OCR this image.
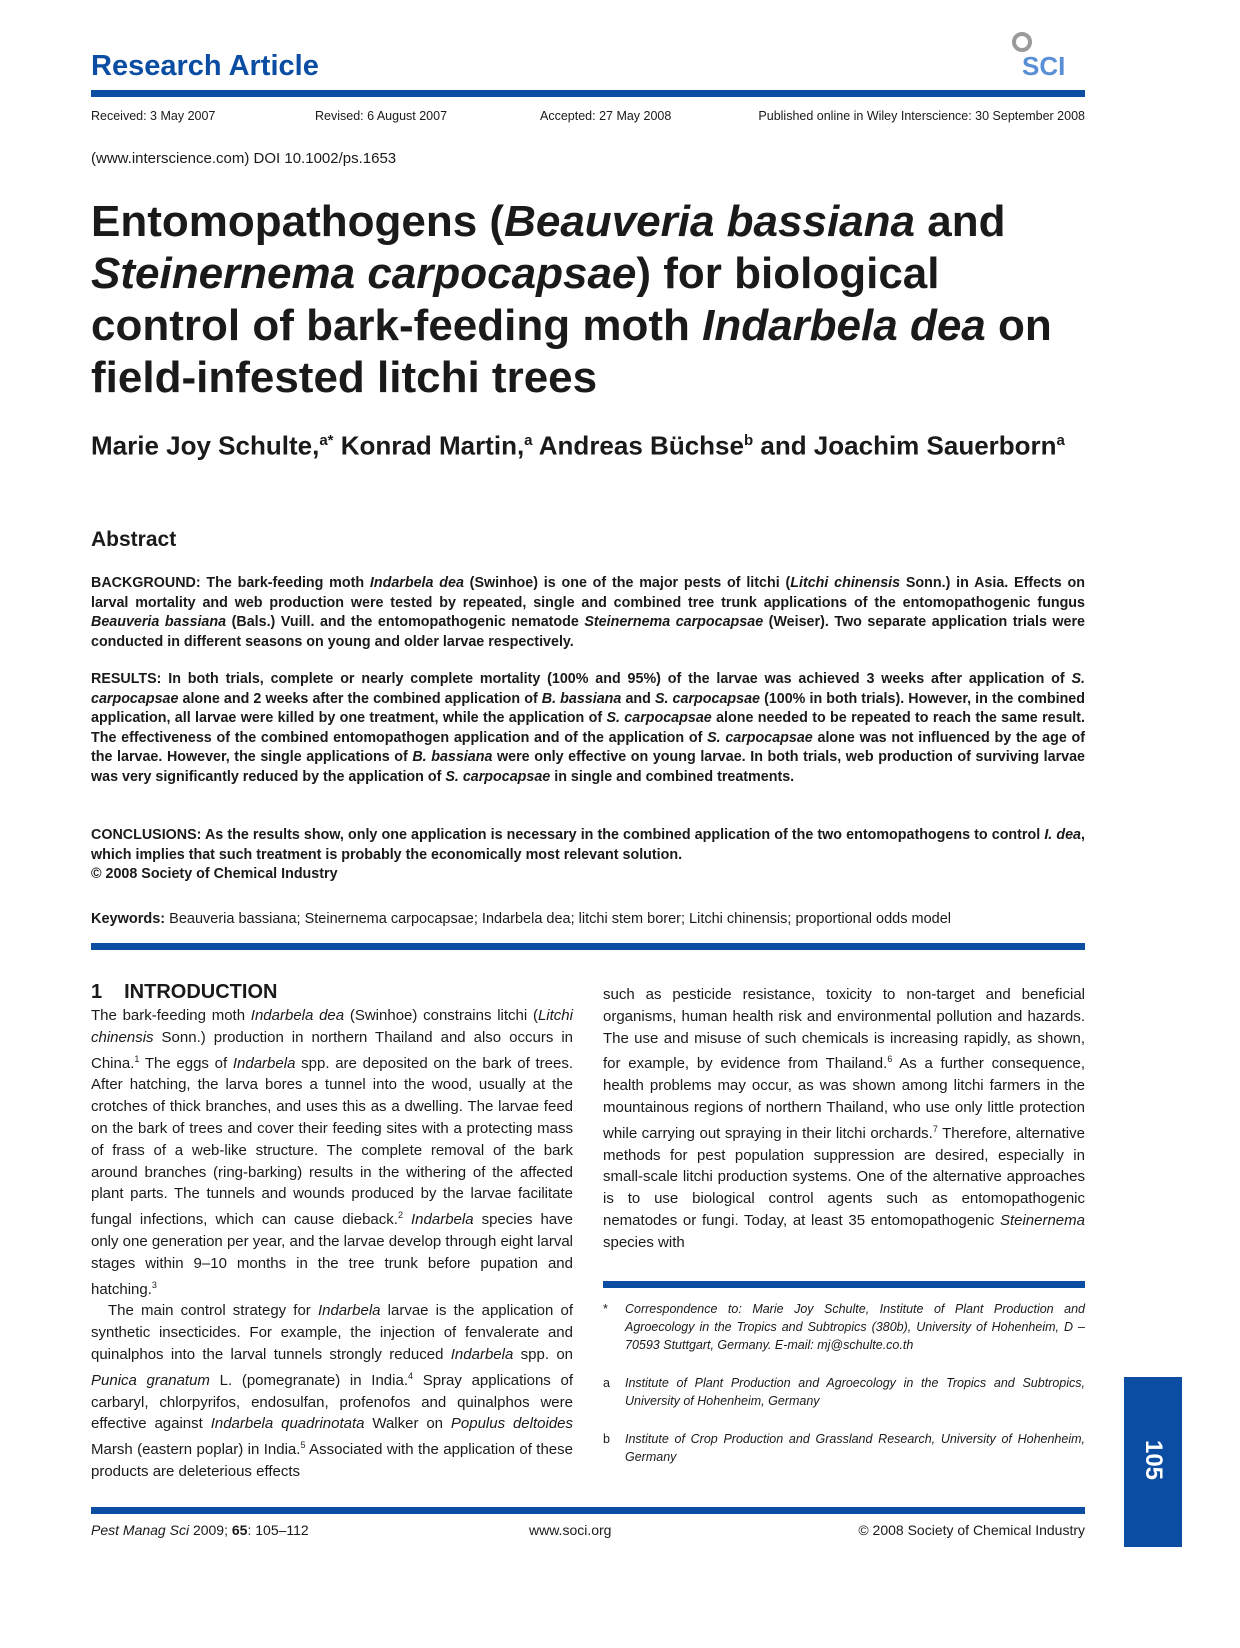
Research Article	SCI
Received: 3 May 2007	Revised: 6 August 2007	Accepted: 27 May 2008	Published online in Wiley Interscience: 30 September 2008
(www.interscience.com) DOI 10.1002/ps.1653
Entomopathogens (Beauveria bassiana and Steinernema carpocapsae) for biological control of bark-feeding moth Indarbela dea on field-infested litchi trees
Marie Joy Schulte,$^{a*}$ Konrad Martin,$^a$ Andreas Büchse$^b$ and Joachim Sauerborn$^a$
Abstract

BACKGROUND: The bark-feeding moth Indarbela dea (Swinhoe) is one of the major pests of litchi (Litchi chinensis Sonn.) in Asia. Effects on larval mortality and web production were tested by repeated, single and combined tree trunk applications of the entomopathogenic fungus Beauveria bassiana (Bals.) Vuill. and the entomopathogenic nematode Steinernema carpocapsae (Weiser). Two separate application trials were conducted in different seasons on young and older larvae respectively.

RESULTS: In both trials, complete or nearly complete mortality (100% and 95%) of the larvae was achieved 3 weeks after application of S. carpocapsae alone and 2 weeks after the combined application of B. bassiana and S. carpocapsae (100% in both trials). However, in the combined application, all larvae were killed by one treatment, while the application of S. carpocapsae alone needed to be repeated to reach the same result. The effectiveness of the combined entomopathogen application and of the application of S. carpocapsae alone was not influenced by the age of the larvae. However, the single applications of B. bassiana were only effective on young larvae. In both trials, web production of surviving larvae was very significantly reduced by the application of S. carpocapsae in single and combined treatments.

CONCLUSIONS: As the results show, only one application is necessary in the combined application of the two entomopathogens to control I. dea, which implies that such treatment is probably the economically most relevant solution.
© 2008 Society of Chemical Industry

Keywords: Beauveria bassiana; Steinernema carpocapsae; Indarbela dea; litchi stem borer; Litchi chinensis; proportional odds model

1 INTRODUCTION

The bark-feeding moth Indarbela dea (Swinhoe) constrains litchi (Litchi chinensis Sonn.) production in northern Thailand and also occurs in China.$^1$ The eggs of Indarbela spp. are deposited on the bark of trees. After hatching, the larva bores a tunnel into the wood, usually at the crotches of thick branches, and uses this as a dwelling. The larvae feed on the bark of trees and cover their feeding sites with a protecting mass of frass of a web-like structure. The complete removal of the bark around branches (ring-barking) results in the withering of the affected plant parts. The tunnels and wounds produced by the larvae facilitate fungal infections, which can cause dieback.$^2$ Indarbela species have only one generation per year, and the larvae develop through eight larval stages within 9–10 months in the tree trunk before pupation and hatching.$^3$

The main control strategy for Indarbela larvae is the application of synthetic insecticides. For example, the injection of fenvalerate and quinalphos into the larval tunnels strongly reduced Indarbela spp. on Punica granatum L. (pomegranate) in India.$^4$ Spray applications of carbaryl, chlorpyrifos, endosulfan, profenofos and quinalphos were effective against Indarbela quadrinotata Walker on Populus deltoides Marsh (eastern poplar) in India.$^5$ Associated with the application of these products are deleterious effects

such as pesticide resistance, toxicity to non-target and beneficial organisms, human health risk and environmental pollution and hazards. The use and misuse of such chemicals is increasing rapidly, as shown, for example, by evidence from Thailand.$^6$ As a further consequence, health problems may occur, as was shown among litchi farmers in the mountainous regions of northern Thailand, who use only little protection while carrying out spraying in their litchi orchards.$^7$ Therefore, alternative methods for pest population suppression are desired, especially in small-scale litchi production systems. One of the alternative approaches is to use biological control agents such as entomopathogenic nematodes or fungi. Today, at least 35 entomopathogenic Steinernema species with

*	Correspondence to: Marie Joy Schulte, Institute of Plant Production and Agroecology in the Tropics and Subtropics (380b), University of Hohenheim, D – 70593 Stuttgart, Germany. E-mail: mj@schulte.co.th
a	Institute of Plant Production and Agroecology in the Tropics and Subtropics, University of Hohenheim, Germany
b	Institute of Crop Production and Grassland Research, University of Hohenheim, Germany	105
Pest Manag Sci 2009; 65: 105–112	www.soci.org	© 2008 Society of Chemical Industry
